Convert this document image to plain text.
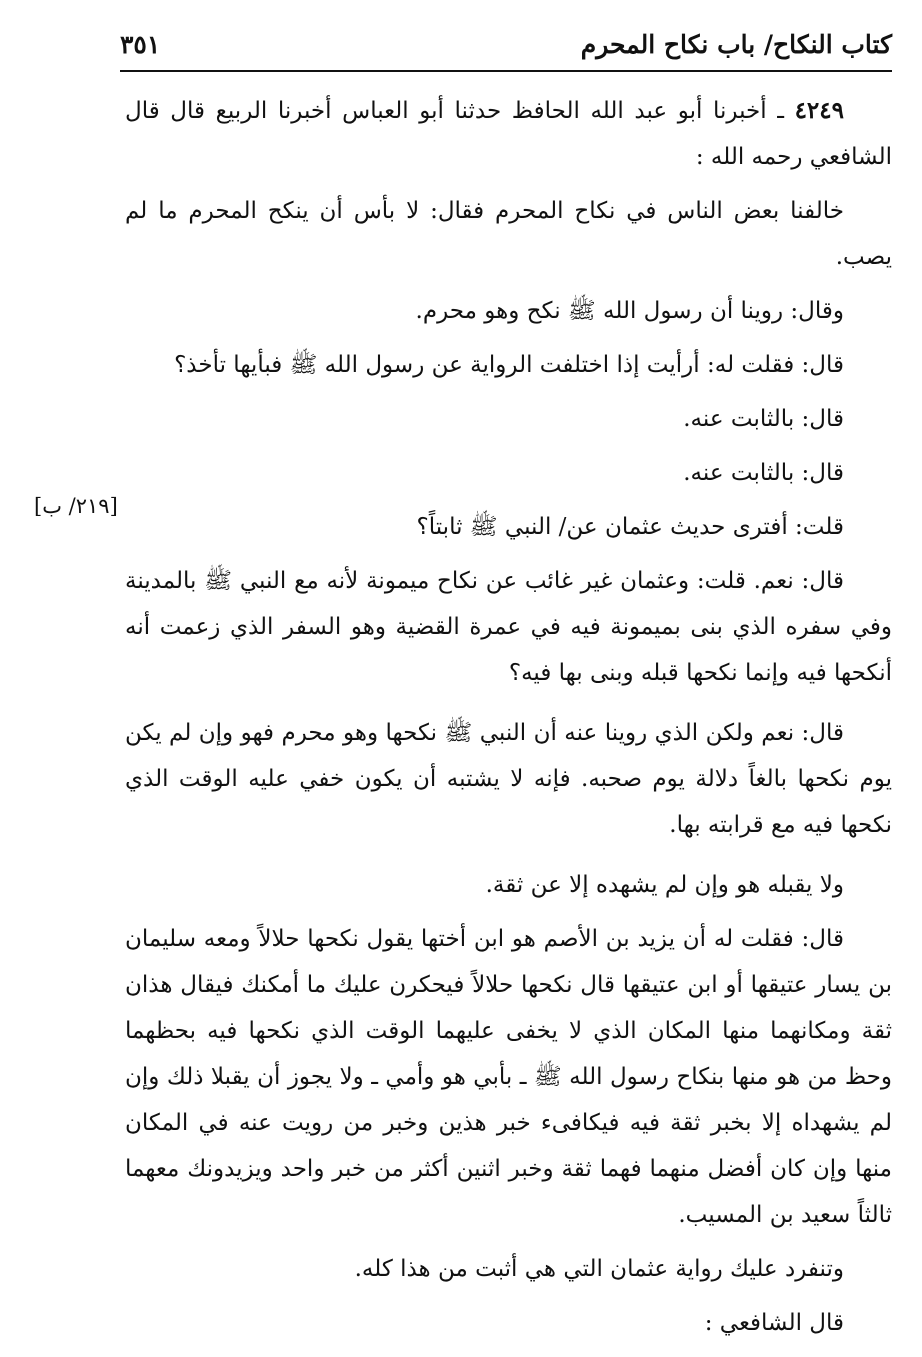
كتاب النكاح/ باب نكاح المحرم
٣٥١
[٢١٩/ ب]

٤٢٤٩ ـ أخبرنا أبو عبد الله الحافظ حدثنا أبو العباس أخبرنا الربيع قال قال الشافعي رحمه الله :

خالفنا بعض الناس في نكاح المحرم فقال: لا بأس أن ينكح المحرم ما لم يصب.

وقال: روينا أن رسول الله ﷺ نكح وهو محرم.

قال: فقلت له: أرأيت إذا اختلفت الرواية عن رسول الله ﷺ فبأيها تأخذ؟

قال: بالثابت عنه.

قال: بالثابت عنه.

قلت: أفترى حديث عثمان عن/ النبي ﷺ ثابتاً؟

قال: نعم. قلت: وعثمان غير غائب عن نكاح ميمونة لأنه مع النبي ﷺ بالمدينة وفي سفره الذي بنى بميمونة فيه في عمرة القضية وهو السفر الذي زعمت أنه أنكحها فيه وإنما نكحها قبله وبنى بها فيه؟

قال: نعم ولكن الذي روينا عنه أن النبي ﷺ نكحها وهو محرم فهو وإن لم يكن يوم نكحها بالغاً دلالة يوم صحبه. فإنه لا يشتبه أن يكون خفي عليه الوقت الذي نكحها فيه مع قرابته بها.

ولا يقبله هو وإن لم يشهده إلا عن ثقة.

قال: فقلت له أن يزيد بن الأصم هو ابن أختها يقول نكحها حلالاً ومعه سليمان بن يسار عتيقها أو ابن عتيقها قال نكحها حلالاً فيحكرن عليك ما أمكنك فيقال هذان ثقة ومكانهما منها المكان الذي لا يخفى عليهما الوقت الذي نكحها فيه بحظهما وحظ من هو منها بنكاح رسول الله ﷺ ـ بأبي هو وأمي ـ ولا يجوز أن يقبلا ذلك وإن لم يشهداه إلا بخبر ثقة فيه فيكافىء خبر هذين وخبر من رويت عنه في المكان منها وإن كان أفضل منهما فهما ثقة وخبر اثنين أكثر من خبر واحد ويزيدونك معهما ثالثاً سعيد بن المسيب.

وتنفرد عليك رواية عثمان التي هي أثبت من هذا كله.

قال الشافعي :
